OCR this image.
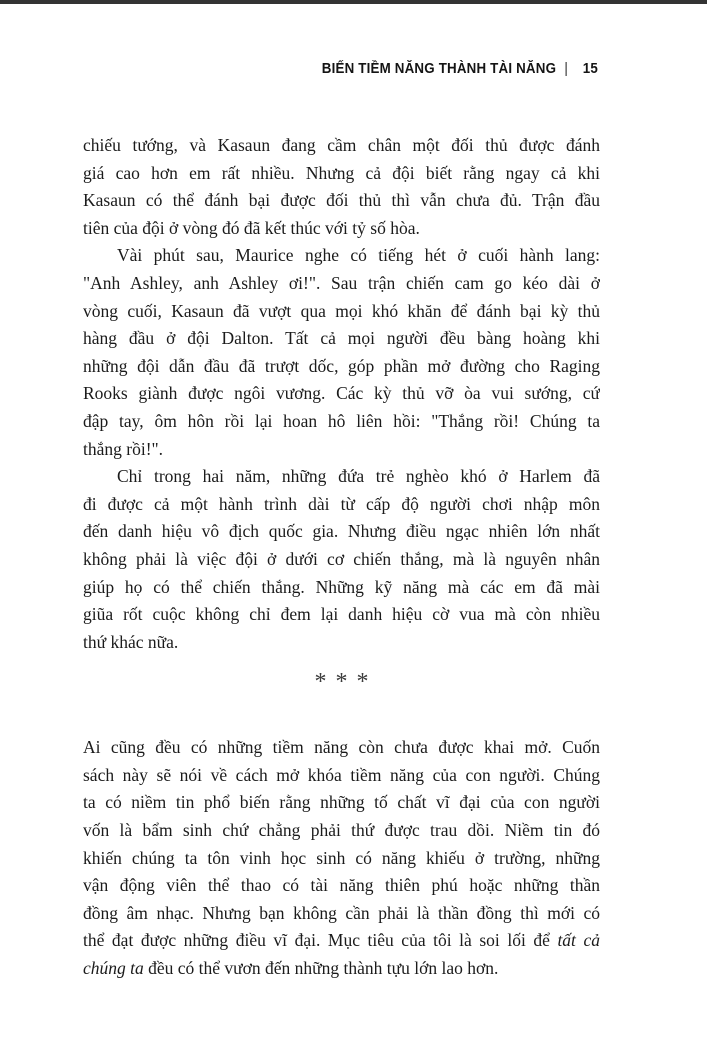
BIẾN TIỀM NĂNG THÀNH TÀI NĂNG | 15
chiếu tướng, và Kasaun đang cầm chân một đối thủ được đánh
giá cao hơn em rất nhiều. Nhưng cả đội biết rằng ngay cả khi
Kasaun có thể đánh bại được đối thủ thì vẫn chưa đủ. Trận đầu
tiên của đội ở vòng đó đã kết thúc với tỷ số hòa.
Vài phút sau, Maurice nghe có tiếng hét ở cuối hành lang:
"Anh Ashley, anh Ashley ơi!". Sau trận chiến cam go kéo dài ở
vòng cuối, Kasaun đã vượt qua mọi khó khăn để đánh bại kỳ thủ
hàng đầu ở đội Dalton. Tất cả mọi người đều bàng hoàng khi
những đội dẫn đầu đã trượt dốc, góp phần mở đường cho Raging
Rooks giành được ngôi vương. Các kỳ thủ vỡ òa vui sướng, cứ
đập tay, ôm hôn rồi lại hoan hô liên hồi: "Thắng rồi! Chúng ta
thắng rồi!".
Chỉ trong hai năm, những đứa trẻ nghèo khó ở Harlem đã
đi được cả một hành trình dài từ cấp độ người chơi nhập môn
đến danh hiệu vô địch quốc gia. Nhưng điều ngạc nhiên lớn nhất
không phải là việc đội ở dưới cơ chiến thắng, mà là nguyên nhân
giúp họ có thể chiến thắng. Những kỹ năng mà các em đã mài
giũa rốt cuộc không chỉ đem lại danh hiệu cờ vua mà còn nhiều
thứ khác nữa.
***
Ai cũng đều có những tiềm năng còn chưa được khai mở. Cuốn
sách này sẽ nói về cách mở khóa tiềm năng của con người. Chúng
ta có niềm tin phổ biến rằng những tố chất vĩ đại của con người
vốn là bẩm sinh chứ chẳng phải thứ được trau dồi. Niềm tin đó
khiến chúng ta tôn vinh học sinh có năng khiếu ở trường, những
vận động viên thể thao có tài năng thiên phú hoặc những thần
đồng âm nhạc. Nhưng bạn không cần phải là thần đồng thì mới có
thể đạt được những điều vĩ đại. Mục tiêu của tôi là soi lối để tất cả
chúng ta đều có thể vươn đến những thành tựu lớn lao hơn.
